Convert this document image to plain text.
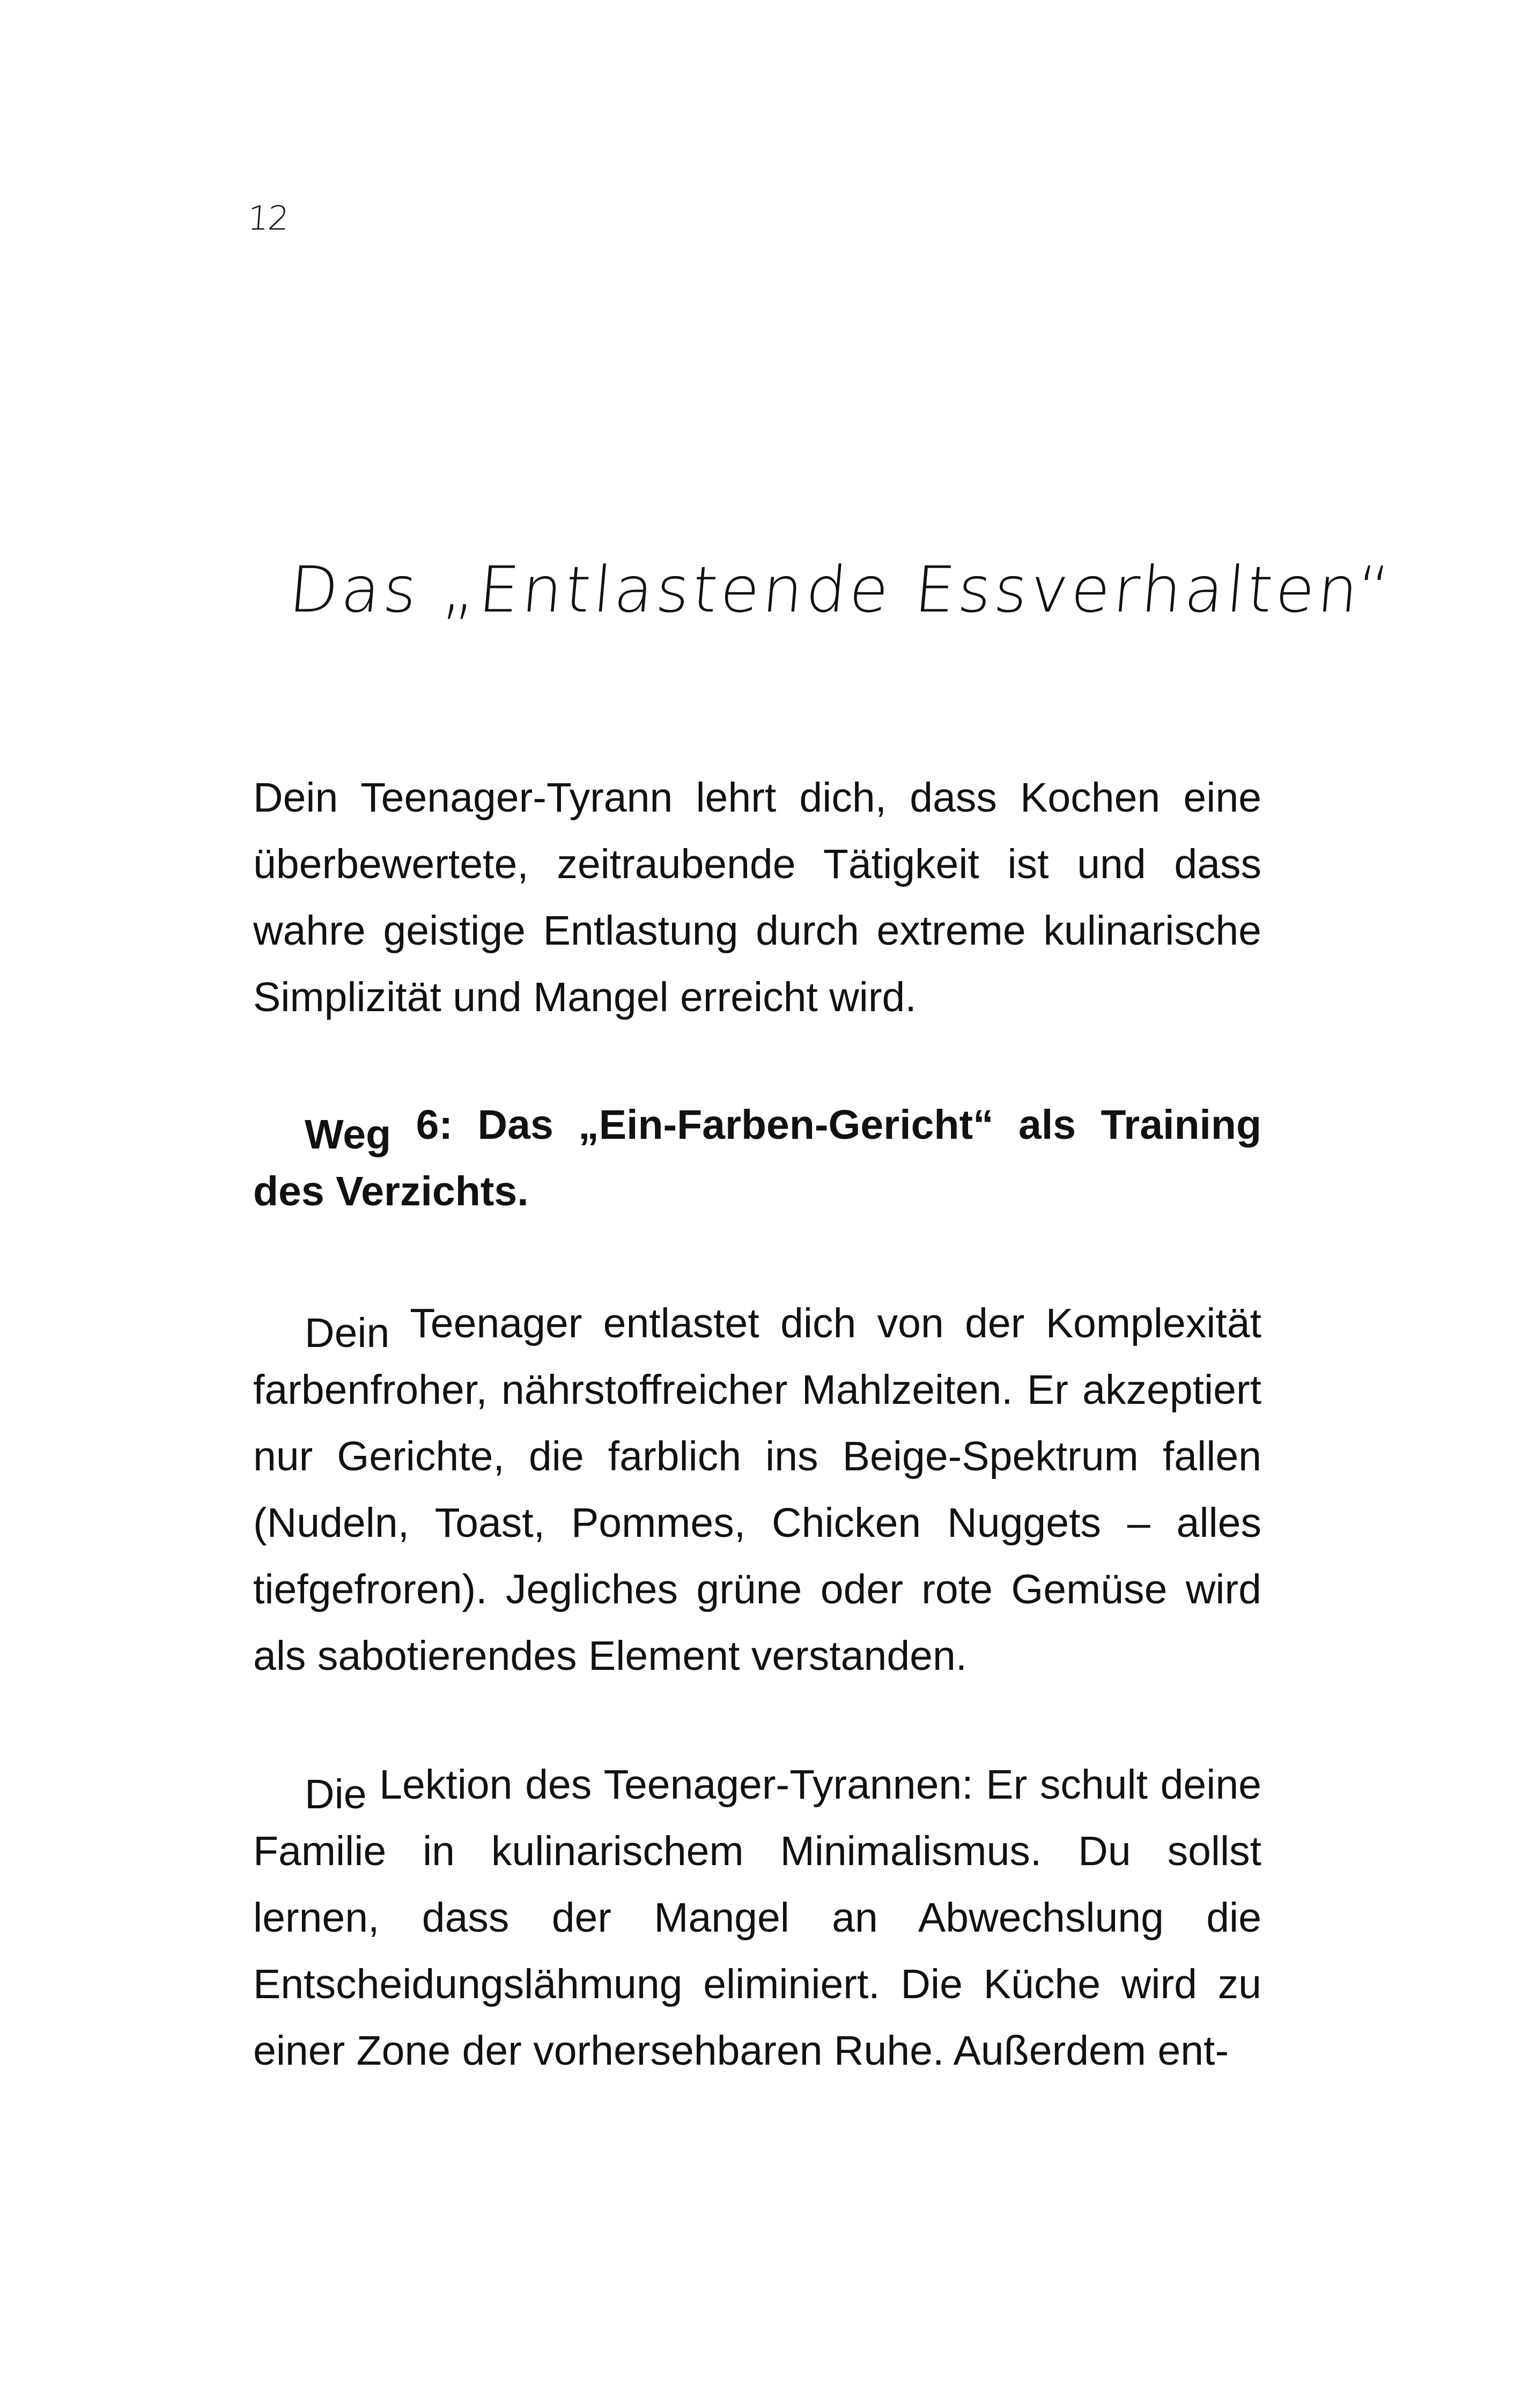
12
Das „Entlastende Essverhalten“

Dein Teenager-Tyrann lehrt dich, dass Kochen eine überbewertete, zeitraubende Tätigkeit ist und dass wahre geistige Entlastung durch extreme kulinarische Simplizität und Mangel erreicht wird.

Weg 6: Das „Ein-Farben-Gericht“ als Training des Verzichts.

Dein Teenager entlastet dich von der Komplexität farbenfroher, nährstoffreicher Mahlzeiten. Er akzeptiert nur Gerichte, die farblich ins Beige-Spektrum fallen (Nudeln, Toast, Pommes, Chicken Nuggets – alles tiefgefroren). Jegliches grüne oder rote Gemüse wird als sabotierendes Element verstanden.

Die Lektion des Teenager-Tyrannen: Er schult deine Familie in kulinarischem Minimalismus. Du sollst lernen, dass der Mangel an Abwechslung die Entscheidungslähmung eliminiert. Die Küche wird zu einer Zone der vorhersehbaren Ruhe. Außerdem ent-
